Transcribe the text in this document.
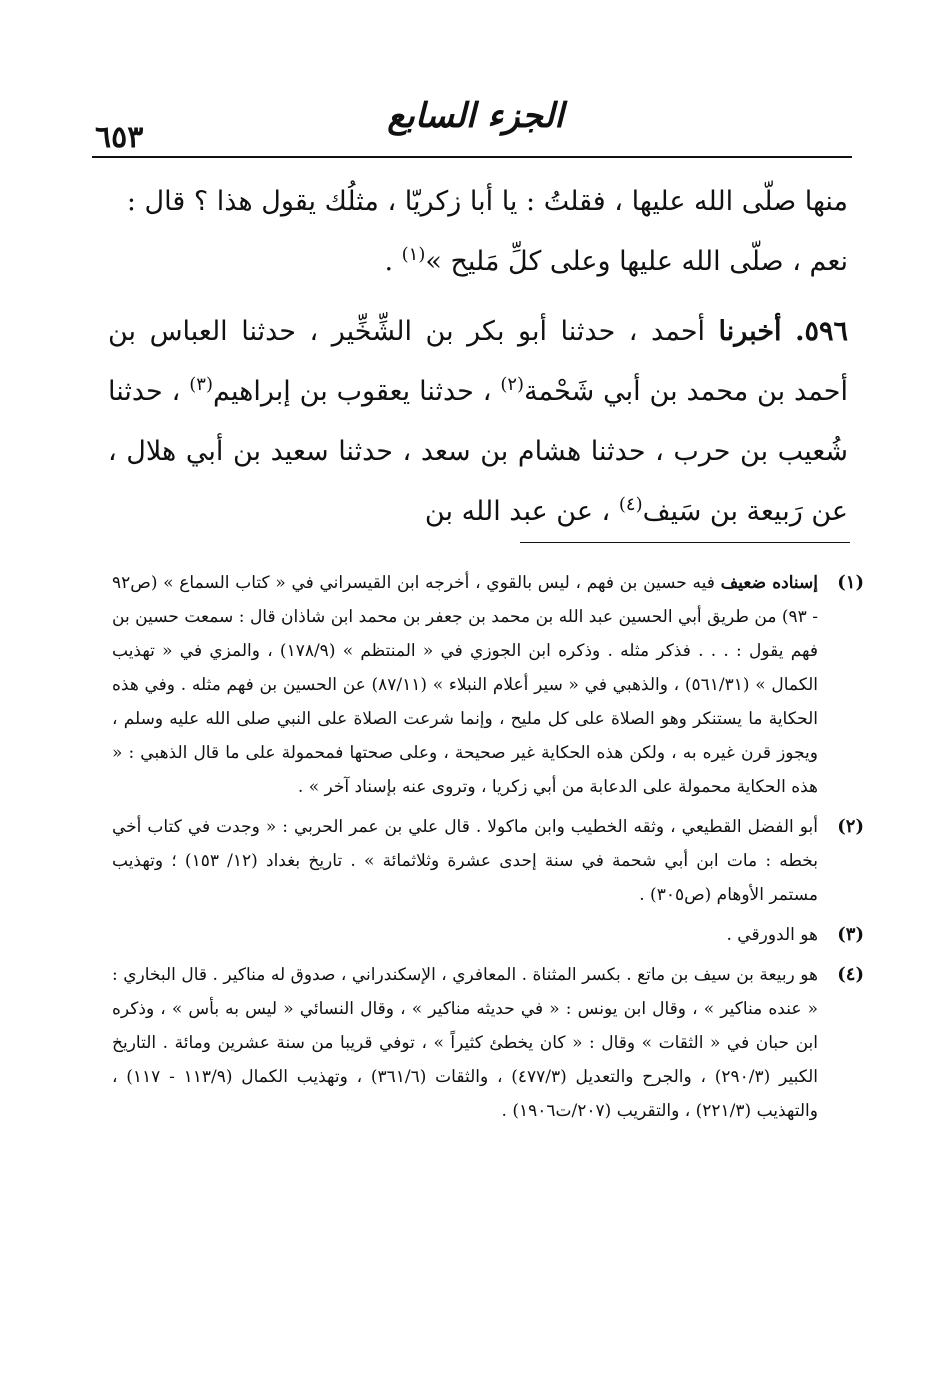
الجزء السابع
٦٥٣

منها صلّى الله عليها ، فقلتُ : يا أبا زكريّا ، مثلُك يقول هذا ؟ قال :

نعم ، صلّى الله عليها وعلى كلِّ مَليح »$^{(١)}$ .

٥٩٦. أخبرنا أحمد ، حدثنا أبو بكر بن الشِّخِّير ، حدثنا العباس بن أحمد بن محمد بن أبي شَحْمة$^{(٢)}$ ، حدثنا يعقوب بن إبراهيم$^{(٣)}$ ، حدثنا شُعيب بن حرب ، حدثنا هشام بن سعد ، حدثنا سعيد بن أبي هلال ، عن رَبيعة بن سَيف$^{(٤)}$ ، عن عبد الله بن

(١)
إسناده ضعيف فيه حسين بن فهم ، ليس بالقوي ، أخرجه ابن القيسراني في « كتاب السماع » (ص٩٢ - ٩٣) من طريق أبي الحسين عبد الله بن محمد بن جعفر بن محمد ابن شاذان قال : سمعت حسين بن فهم يقول : . . . فذكر مثله . وذكره ابن الجوزي في « المنتظم » (١٧٨/٩) ، والمزي في « تهذيب الكمال » (٥٦١/٣١) ، والذهبي في « سير أعلام النبلاء » (٨٧/١١) عن الحسين بن فهم مثله . وفي هذه الحكاية ما يستنكر وهو الصلاة على كل مليح ، وإنما شرعت الصلاة على النبي صلى الله عليه وسلم ، ويجوز قرن غيره به ، ولكن هذه الحكاية غير صحيحة ، وعلى صحتها فمحمولة على ما قال الذهبي : « هذه الحكاية محمولة على الدعابة من أبي زكريا ، وتروى عنه بإسناد آخر » .
(٢)
أبو الفضل القطيعي ، وثقه الخطيب وابن ماكولا . قال علي بن عمر الحربي : « وجدت في كتاب أخي بخطه : مات ابن أبي شحمة في سنة إحدى عشرة وثلاثمائة » . تاريخ بغداد (١٢/ ١٥٣) ؛ وتهذيب مستمر الأوهام (ص٣٠٥) .
(٣)
هو الدورقي .
(٤)
هو ربيعة بن سيف بن ماتع . بكسر المثناة . المعافري ، الإسكندراني ، صدوق له مناكير . قال البخاري : « عنده مناكير » ، وقال ابن يونس : « في حديثه مناكير » ، وقال النسائي « ليس به بأس » ، وذكره ابن حبان في « الثقات » وقال : « كان يخطئ كثيراً » ، توفي قريبا من سنة عشرين ومائة . التاريخ الكبير (٢٩٠/٣) ، والجرح والتعديل (٤٧٧/٣) ، والثقات (٣٦١/٦) ، وتهذيب الكمال (١١٣/٩ - ١١٧) ، والتهذيب (٢٢١/٣) ، والتقريب (٢٠٧/ت١٩٠٦) .
